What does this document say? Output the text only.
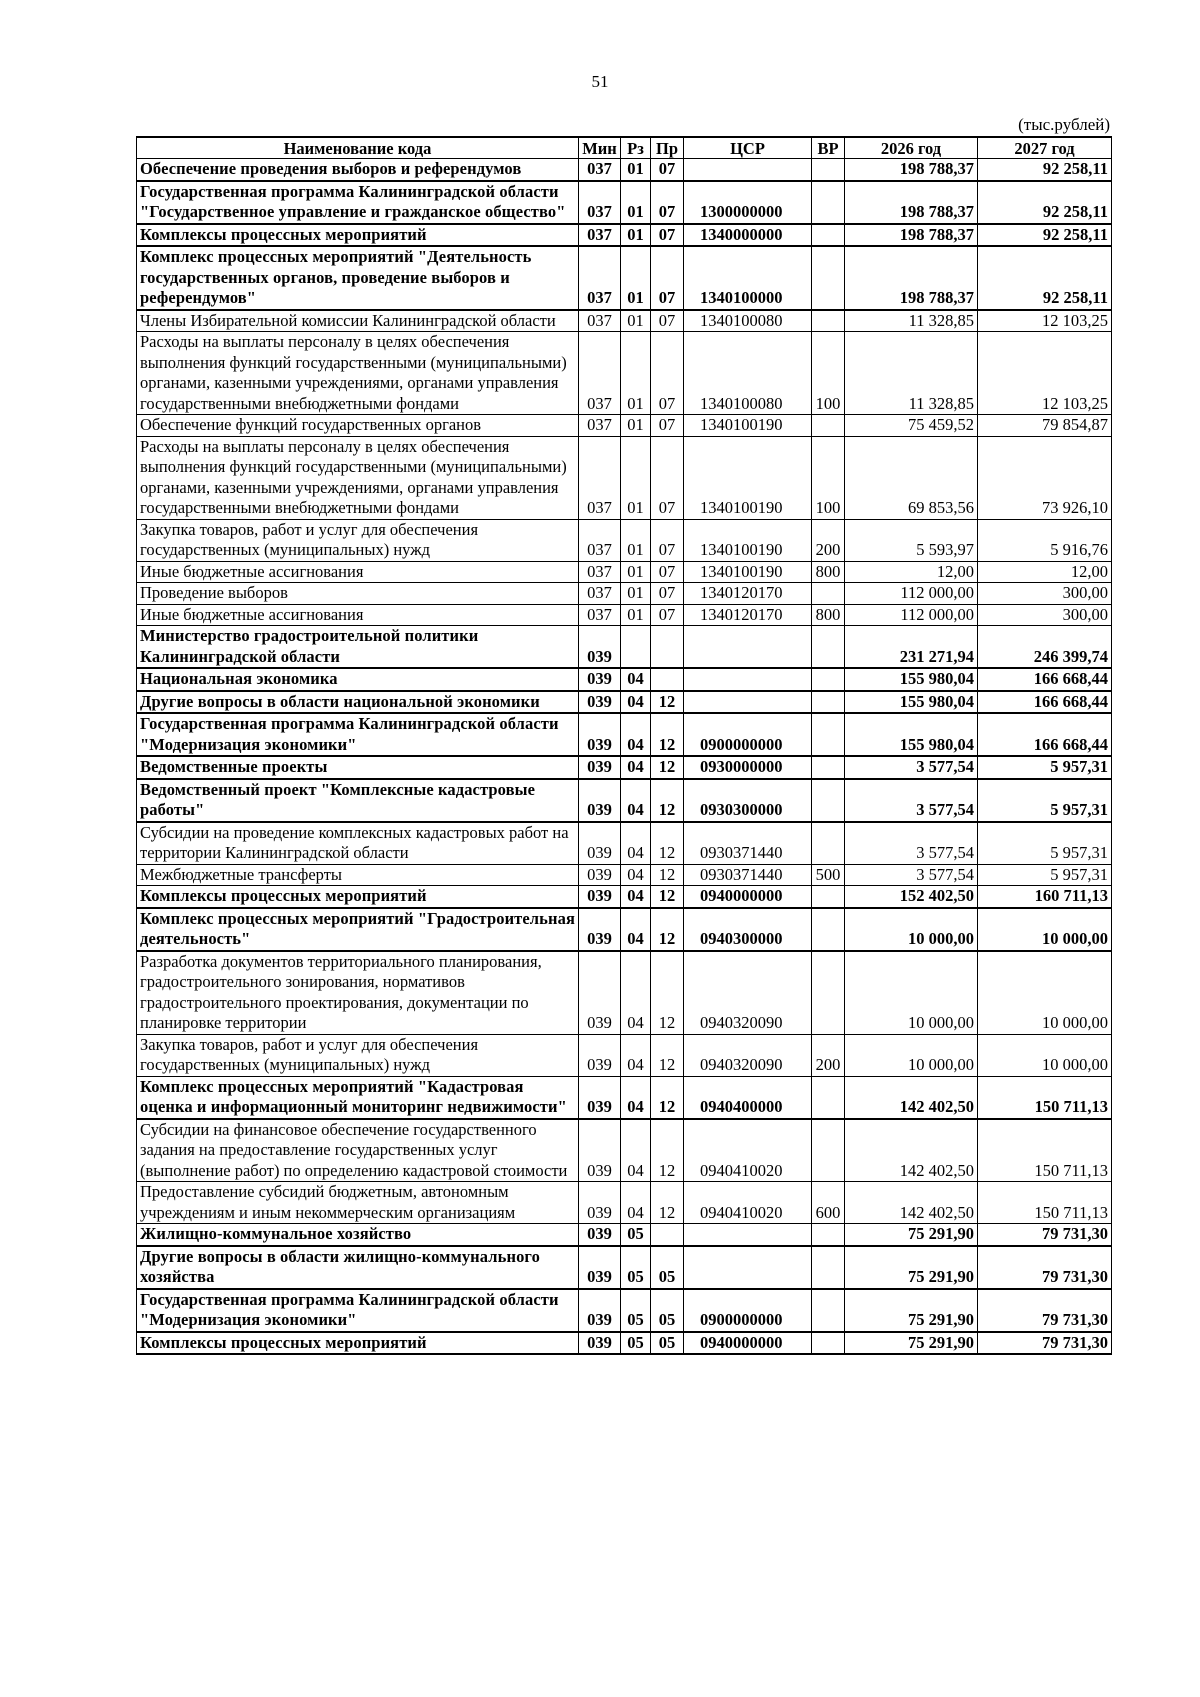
51
(тыс.рублей)
Наименование кода	Мин	Рз	Пр	ЦСР	ВР	2026 год	2027 год
Обеспечение проведения выборов и референдумов	037	01	07			198 788,37	92 258,11
Государственная программа Калининградской области "Государственное управление и гражданское общество"	037	01	07	1300000000		198 788,37	92 258,11
Комплексы процессных мероприятий	037	01	07	1340000000		198 788,37	92 258,11
Комплекс процессных мероприятий "Деятельность государственных органов, проведение выборов и референдумов"	037	01	07	1340100000		198 788,37	92 258,11
Члены Избирательной комиссии Калининградской области	037	01	07	1340100080		11 328,85	12 103,25
Расходы на выплаты персоналу в целях обеспечения выполнения функций государственными (муниципальными) органами, казенными учреждениями, органами управления государственными внебюджетными фондами	037	01	07	1340100080	100	11 328,85	12 103,25
Обеспечение функций государственных органов	037	01	07	1340100190		75 459,52	79 854,87
Расходы на выплаты персоналу в целях обеспечения выполнения функций государственными (муниципальными) органами, казенными учреждениями, органами управления государственными внебюджетными фондами	037	01	07	1340100190	100	69 853,56	73 926,10
Закупка товаров, работ и услуг для обеспечения государственных (муниципальных) нужд	037	01	07	1340100190	200	5 593,97	5 916,76
Иные бюджетные ассигнования	037	01	07	1340100190	800	12,00	12,00
Проведение выборов	037	01	07	1340120170		112 000,00	300,00
Иные бюджетные ассигнования	037	01	07	1340120170	800	112 000,00	300,00
Министерство градостроительной политики Калининградской области	039					231 271,94	246 399,74
Национальная экономика	039	04				155 980,04	166 668,44
Другие вопросы в области национальной экономики	039	04	12			155 980,04	166 668,44
Государственная программа Калининградской области "Модернизация экономики"	039	04	12	0900000000		155 980,04	166 668,44
Ведомственные проекты	039	04	12	0930000000		3 577,54	5 957,31
Ведомственный проект "Комплексные кадастровые работы"	039	04	12	0930300000		3 577,54	5 957,31
Субсидии на проведение комплексных кадастровых работ на территории Калининградской области	039	04	12	0930371440		3 577,54	5 957,31
Межбюджетные трансферты	039	04	12	0930371440	500	3 577,54	5 957,31
Комплексы процессных мероприятий	039	04	12	0940000000		152 402,50	160 711,13
Комплекс процессных мероприятий "Градостроительная деятельность"	039	04	12	0940300000		10 000,00	10 000,00
Разработка документов территориального планирования, градостроительного зонирования, нормативов градостроительного проектирования, документации по планировке территории	039	04	12	0940320090		10 000,00	10 000,00
Закупка товаров, работ и услуг для обеспечения государственных (муниципальных) нужд	039	04	12	0940320090	200	10 000,00	10 000,00
Комплекс процессных мероприятий "Кадастровая оценка и информационный мониторинг недвижимости"	039	04	12	0940400000		142 402,50	150 711,13
Субсидии на финансовое обеспечение государственного задания на предоставление государственных услуг (выполнение работ) по определению кадастровой стоимости	039	04	12	0940410020		142 402,50	150 711,13
Предоставление субсидий бюджетным, автономным учреждениям и иным некоммерческим организациям	039	04	12	0940410020	600	142 402,50	150 711,13
Жилищно-коммунальное хозяйство	039	05				75 291,90	79 731,30
Другие вопросы в области жилищно-коммунального хозяйства	039	05	05			75 291,90	79 731,30
Государственная программа Калининградской области "Модернизация экономики"	039	05	05	0900000000		75 291,90	79 731,30
Комплексы процессных мероприятий	039	05	05	0940000000		75 291,90	79 731,30
